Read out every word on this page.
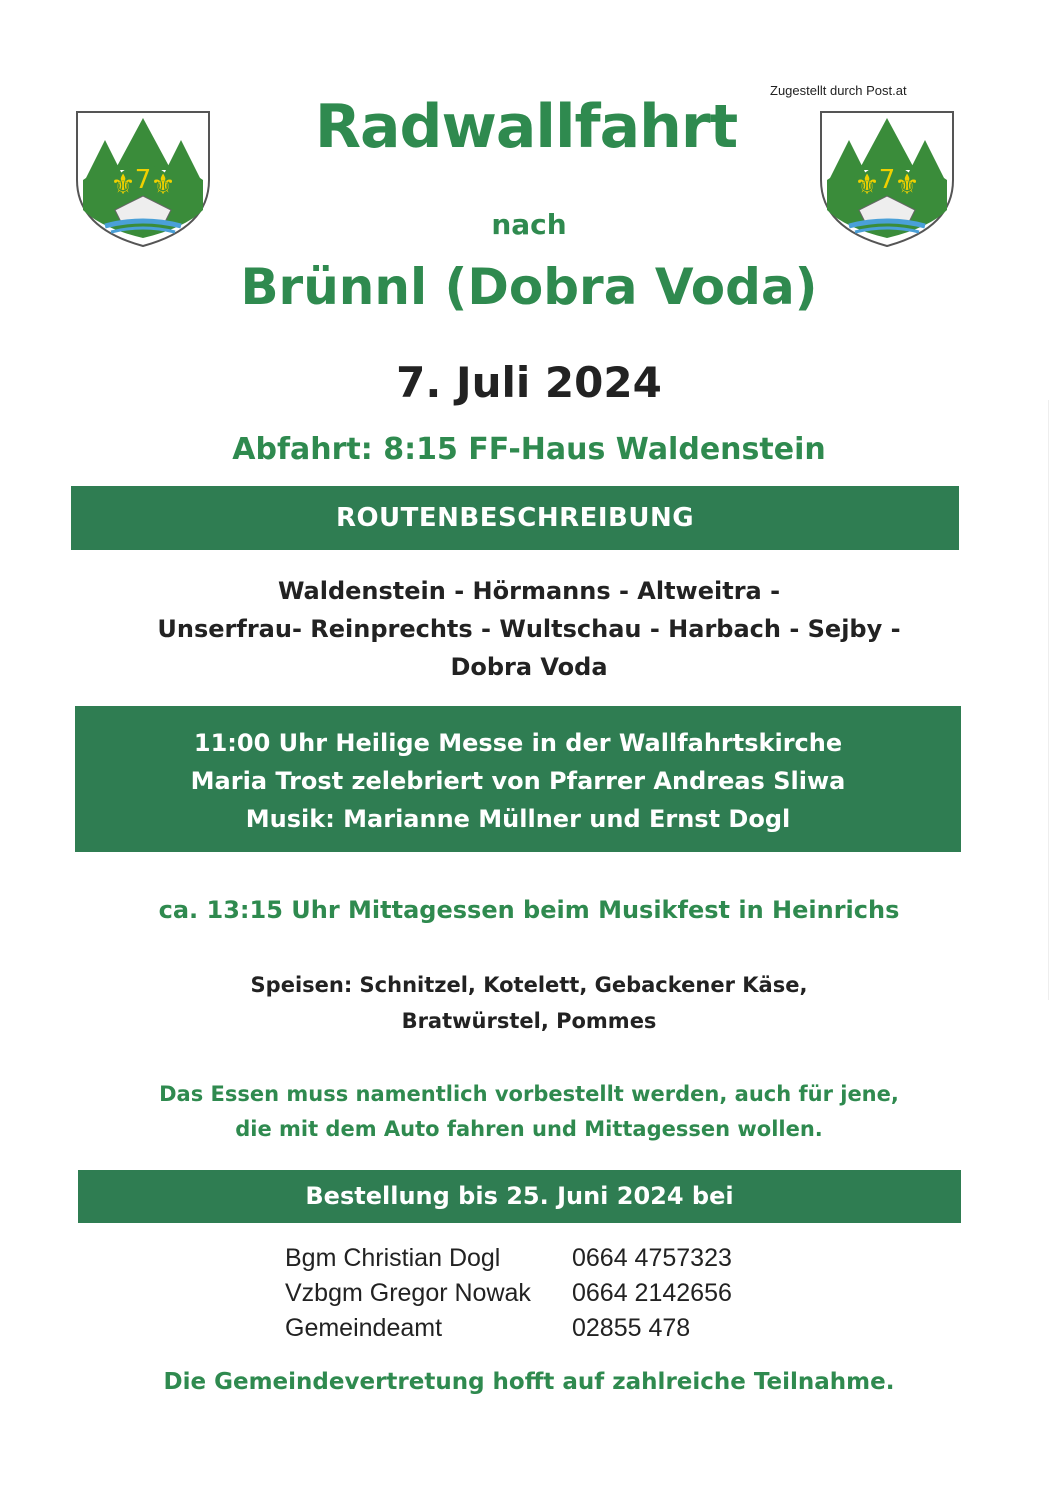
Zugestellt durch Post.at
⚜ 7 ⚜	⚜ 7 ⚜
Radwallfahrt
nach
Brünnl (Dobra Voda)
7. Juli 2024
Abfahrt: 8:15 FF-Haus Waldenstein
ROUTENBESCHREIBUNG
Waldenstein - Hörmanns - Altweitra -
Unserfrau- Reinprechts - Wultschau - Harbach - Sejby -
Dobra Voda
11:00 Uhr Heilige Messe in der Wallfahrtskirche
Maria Trost zelebriert von Pfarrer Andreas Sliwa
Musik: Marianne Müllner und Ernst Dogl
ca. 13:15 Uhr Mittagessen beim Musikfest in Heinrichs
Speisen: Schnitzel, Kotelett, Gebackener Käse,
Bratwürstel, Pommes
Das Essen muss namentlich vorbestellt werden, auch für jene,
die mit dem Auto fahren und Mittagessen wollen.
Bestellung bis 25. Juni 2024 bei
Bgm Christian Dogl	0664 4757323
Vzbgm Gregor Nowak	0664 2142656
Gemeindeamt	02855 478
Die Gemeindevertretung hofft auf zahlreiche Teilnahme.
